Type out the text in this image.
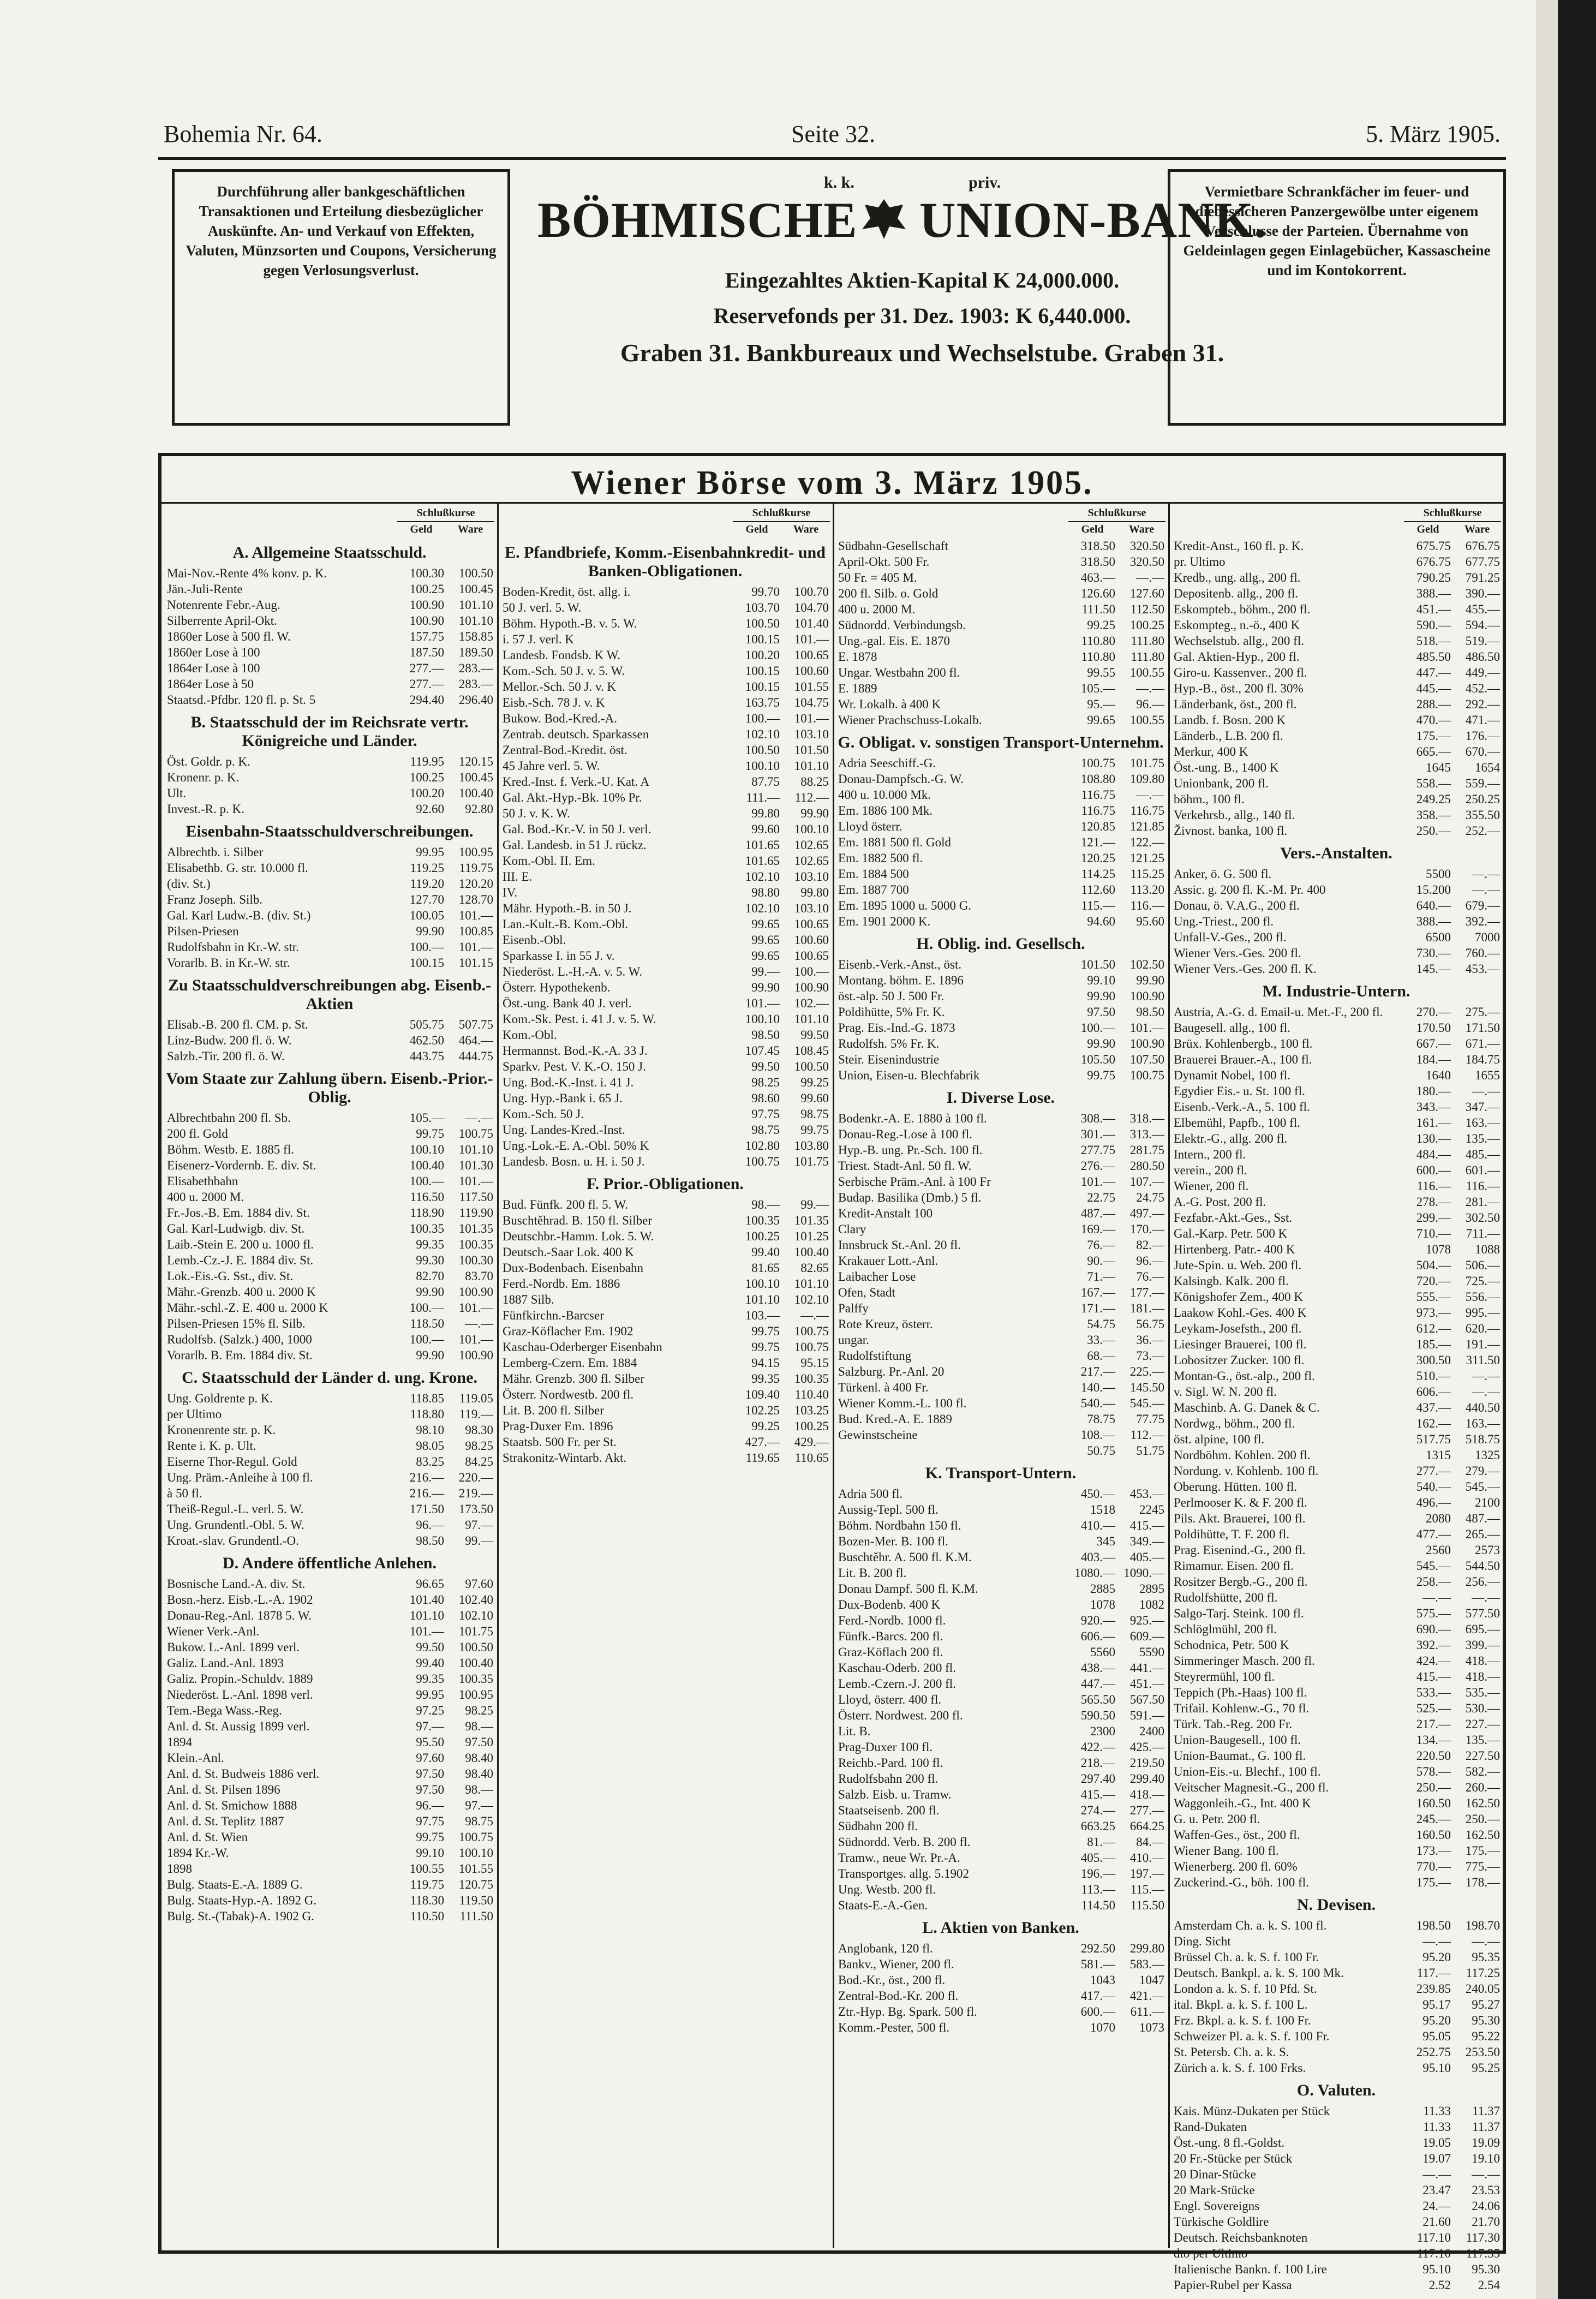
Bohemia Nr. 64.	Seite 32.	5. März 1905.
Durchführung aller bankgeschäftlichen Transaktionen und Erteilung diesbezüglicher Auskünfte. An- und Verkauf von Effekten, Valuten, Münzsorten und Coupons, Versicherung gegen Verlosungsverlust.
k. k.	priv.
BÖHMISCHE UNION-BANK.
Eingezahltes Aktien-Kapital K 24,000.000.
Reservefonds per 31. Dez. 1903: K 6,440.000.
Graben 31. Bankbureaux und Wechselstube. Graben 31.
Vermietbare Schrankfächer im feuer- und diebessicheren Panzergewölbe unter eigenem Verschlusse der Parteien. Übernahme von Geldeinlagen gegen Einlagebücher, Kassascheine und im Kontokorrent.
Wiener Börse vom 3. März 1905.
Schlußkurse
Geld	Ware
A. Allgemeine Staatsschuld.
Mai-Nov.-Rente 4% konv. p. K.	100.30	100.50
Jän.-Juli-Rente	100.25	100.45
Notenrente Febr.-Aug.	100.90	101.10
Silberrente April-Okt.	100.90	101.10
1860er Lose à 500 fl. W.	157.75	158.85
1860er Lose à 100	187.50	189.50
1864er Lose à 100	277.—	283.—
1864er Lose à 50	277.—	283.—
Staatsd.-Pfdbr. 120 fl. p. St. 5	294.40	296.40
B. Staatsschuld der im Reichsrate vertr. Königreiche und Länder.
Öst. Goldr. p. K.	119.95	120.15
Kronenr. p. K.	100.25	100.45
Ult.	100.20	100.40
Invest.-R. p. K.	92.60	92.80
Eisenbahn-Staatsschuldverschreibungen.
Albrechtb. i. Silber	99.95	100.95
Elisabethb. G. str. 10.000 fl.	119.25	119.75
(div. St.)	119.20	120.20
Franz Joseph. Silb.	127.70	128.70
Gal. Karl Ludw.-B. (div. St.)	100.05	101.—
Pilsen-Priesen	99.90	100.85
Rudolfsbahn in Kr.-W. str.	100.—	101.—
Vorarlb. B. in Kr.-W. str.	100.15	101.15
Zu Staatsschuldverschreibungen abg. Eisenb.-Aktien
Elisab.-B. 200 fl. CM. p. St.	505.75	507.75
Linz-Budw. 200 fl. ö. W.	462.50	464.—
Salzb.-Tir. 200 fl. ö. W.	443.75	444.75
Vom Staate zur Zahlung übern. Eisenb.-Prior.-Oblig.
Albrechtbahn 200 fl. Sb.	105.—	—.—
200 fl. Gold	99.75	100.75
Böhm. Westb. E. 1885 fl.	100.10	101.10
Eisenerz-Vordernb. E. div. St.	100.40	101.30
Elisabethbahn	100.—	101.—
400 u. 2000 M.	116.50	117.50
Fr.-Jos.-B. Em. 1884 div. St.	118.90	119.90
Gal. Karl-Ludwigb. div. St.	100.35	101.35
Laib.-Stein E. 200 u. 1000 fl.	99.35	100.35
Lemb.-Cz.-J. E. 1884 div. St.	99.30	100.30
Lok.-Eis.-G. Sst., div. St.	82.70	83.70
Mähr.-Grenzb. 400 u. 2000 K	99.90	100.90
Mähr.-schl.-Z. E. 400 u. 2000 K	100.—	101.—
Pilsen-Priesen 15% fl. Silb.	118.50	—.—
Rudolfsb. (Salzk.) 400, 1000	100.—	101.—
Vorarlb. B. Em. 1884 div. St.	99.90	100.90
C. Staatsschuld der Länder d. ung. Krone.
Ung. Goldrente p. K.	118.85	119.05
per Ultimo	118.80	119.—
Kronenrente str. p. K.	98.10	98.30
Rente i. K. p. Ult.	98.05	98.25
Eiserne Thor-Regul. Gold	83.25	84.25
Ung. Präm.-Anleihe à 100 fl.	216.—	220.—
à 50 fl.	216.—	219.—
Theiß-Regul.-L. verl. 5. W.	171.50	173.50
Ung. Grundentl.-Obl. 5. W.	96.—	97.—
Kroat.-slav. Grundentl.-O.	98.50	99.—
D. Andere öffentliche Anlehen.
Bosnische Land.-A. div. St.	96.65	97.60
Bosn.-herz. Eisb.-L.-A. 1902	101.40	102.40
Donau-Reg.-Anl. 1878 5. W.	101.10	102.10
Wiener Verk.-Anl.	101.—	101.75
Bukow. L.-Anl. 1899 verl.	99.50	100.50
Galiz. Land.-Anl. 1893	99.40	100.40
Galiz. Propin.-Schuldv. 1889	99.35	100.35
Niederöst. L.-Anl. 1898 verl.	99.95	100.95
Tem.-Bega Wass.-Reg.	97.25	98.25
Anl. d. St. Aussig 1899 verl.	97.—	98.—
1894	95.50	97.50
Klein.-Anl.	97.60	98.40
Anl. d. St. Budweis 1886 verl.	97.50	98.40
Anl. d. St. Pilsen 1896	97.50	98.—
Anl. d. St. Smichow 1888	96.—	97.—
Anl. d. St. Teplitz 1887	97.75	98.75
Anl. d. St. Wien	99.75	100.75
1894 Kr.-W.	99.10	100.10
1898	100.55	101.55
Bulg. Staats-E.-A. 1889 G.	119.75	120.75
Bulg. Staats-Hyp.-A. 1892 G.	118.30	119.50
Bulg. St.-(Tabak)-A. 1902 G.	110.50	111.50
Schlußkurse
Geld	Ware
E. Pfandbriefe, Komm.-Eisenbahnkredit- und Banken-Obligationen.
Boden-Kredit, öst. allg. i.	99.70	100.70
50 J. verl. 5. W.	103.70	104.70
Böhm. Hypoth.-B. v. 5. W.	100.50	101.40
i. 57 J. verl. K	100.15	101.—
Landesb. Fondsb. K W.	100.20	100.65
Kom.-Sch. 50 J. v. 5. W.	100.15	100.60
Mellor.-Sch. 50 J. v. K	100.15	101.55
Eisb.-Sch. 78 J. v. K	163.75	104.75
Bukow. Bod.-Kred.-A.	100.—	101.—
Zentrab. deutsch. Sparkassen	102.10	103.10
Zentral-Bod.-Kredit. öst.	100.50	101.50
45 Jahre verl. 5. W.	100.10	101.10
Kred.-Inst. f. Verk.-U. Kat. A	87.75	88.25
Gal. Akt.-Hyp.-Bk. 10% Pr.	111.—	112.—
50 J. v. K. W.	99.80	99.90
Gal. Bod.-Kr.-V. in 50 J. verl.	99.60	100.10
Gal. Landesb. in 51 J. rückz.	101.65	102.65
Kom.-Obl. II. Em.	101.65	102.65
III. E.	102.10	103.10
IV.	98.80	99.80
Mähr. Hypoth.-B. in 50 J.	102.10	103.10
Lan.-Kult.-B. Kom.-Obl.	99.65	100.65
Eisenb.-Obl.	99.65	100.60
Sparkasse I. in 55 J. v.	99.65	100.65
Niederöst. L.-H.-A. v. 5. W.	99.—	100.—
Österr. Hypothekenb.	99.90	100.90
Öst.-ung. Bank 40 J. verl.	101.—	102.—
Kom.-Sk. Pest. i. 41 J. v. 5. W.	100.10	101.10
Kom.-Obl.	98.50	99.50
Hermannst. Bod.-K.-A. 33 J.	107.45	108.45
Sparkv. Pest. V. K.-O. 150 J.	99.50	100.50
Ung. Bod.-K.-Inst. i. 41 J.	98.25	99.25
Ung. Hyp.-Bank i. 65 J.	98.60	99.60
Kom.-Sch. 50 J.	97.75	98.75
Ung. Landes-Kred.-Inst.	98.75	99.75
Ung.-Lok.-E. A.-Obl. 50% K	102.80	103.80
Landesb. Bosn. u. H. i. 50 J.	100.75	101.75
F. Prior.-Obligationen.
Bud. Fünfk. 200 fl. 5. W.	98.—	99.—
Buschtěhrad. B. 150 fl. Silber	100.35	101.35
Deutschbr.-Hamm. Lok. 5. W.	100.25	101.25
Deutsch.-Saar Lok. 400 K	99.40	100.40
Dux-Bodenbach. Eisenbahn	81.65	82.65
Ferd.-Nordb. Em. 1886	100.10	101.10
1887 Silb.	101.10	102.10
Fünfkirchn.-Barcser	103.—	—.—
Graz-Köflacher Em. 1902	99.75	100.75
Kaschau-Oderberger Eisenbahn	99.75	100.75
Lemberg-Czern. Em. 1884	94.15	95.15
Mähr. Grenzb. 300 fl. Silber	99.35	100.35
Österr. Nordwestb. 200 fl.	109.40	110.40
Lit. B. 200 fl. Silber	102.25	103.25
Prag-Duxer Em. 1896	99.25	100.25
Staatsb. 500 Fr. per St.	427.—	429.—
Strakonitz-Wintarb. Akt.	119.65	110.65
Schlußkurse
Geld	Ware
Südbahn-Gesellschaft	318.50	320.50
April-Okt. 500 Fr.	318.50	320.50
50 Fr. = 405 M.	463.—	—.—
200 fl. Silb. o. Gold	126.60	127.60
400 u. 2000 M.	111.50	112.50
Südnordd. Verbindungsb.	99.25	100.25
Ung.-gal. Eis. E. 1870	110.80	111.80
E. 1878	110.80	111.80
Ungar. Westbahn 200 fl.	99.55	100.55
E. 1889	105.—	—.—
Wr. Lokalb. à 400 K	95.—	96.—
Wiener Prachschuss-Lokalb.	99.65	100.55
G. Obligat. v. sonstigen Transport-Unternehm.
Adria Seeschiff.-G.	100.75	101.75
Donau-Dampfsch.-G. W.	108.80	109.80
400 u. 10.000 Mk.	116.75	—.—
Em. 1886 100 Mk.	116.75	116.75
Lloyd österr.	120.85	121.85
Em. 1881 500 fl. Gold	121.—	122.—
Em. 1882 500 fl.	120.25	121.25
Em. 1884 500	114.25	115.25
Em. 1887 700	112.60	113.20
Em. 1895 1000 u. 5000 G.	115.—	116.—
Em. 1901 2000 K.	94.60	95.60
H. Oblig. ind. Gesellsch.
Eisenb.-Verk.-Anst., öst.	101.50	102.50
Montang. böhm. E. 1896	99.10	99.90
öst.-alp. 50 J. 500 Fr.	99.90	100.90
Poldihütte, 5% Fr. K.	97.50	98.50
Prag. Eis.-Ind.-G. 1873	100.—	101.—
Rudolfsh. 5% Fr. K.	99.90	100.90
Steir. Eisenindustrie	105.50	107.50
Union, Eisen-u. Blechfabrik	99.75	100.75
I. Diverse Lose.
Bodenkr.-A. E. 1880 à 100 fl.	308.—	318.—
Donau-Reg.-Lose à 100 fl.	301.—	313.—
Hyp.-B. ung. Pr.-Sch. 100 fl.	277.75	281.75
Triest. Stadt-Anl. 50 fl. W.	276.—	280.50
Serbische Präm.-Anl. à 100 Fr	101.—	107.—
Budap. Basilika (Dmb.) 5 fl.	22.75	24.75
Kredit-Anstalt 100	487.—	497.—
Clary	169.—	170.—
Innsbruck St.-Anl. 20 fl.	76.—	82.—
Krakauer Lott.-Anl.	90.—	96.—
Laibacher Lose	71.—	76.—
Ofen, Stadt	167.—	177.—
Palffy	171.—	181.—
Rote Kreuz, österr.	54.75	56.75
ungar.	33.—	36.—
Rudolfstiftung	68.—	73.—
Salzburg. Pr.-Anl. 20	217.—	225.—
Türkenl. à 400 Fr.	140.—	145.50
Wiener Komm.-L. 100 fl.	540.—	545.—
Bud. Kred.-A. E. 1889	78.75	77.75
Gewinstscheine	108.—	112.—
50.75	51.75
K. Transport-Untern.
Adria 500 fl.	450.—	453.—
Aussig-Tepl. 500 fl.	1518	2245
Böhm. Nordbahn 150 fl.	410.—	415.—
Bozen-Mer. B. 100 fl.	345	349.—
Buschtěhr. A. 500 fl. K.M.	403.—	405.—
Lit. B. 200 fl.	1080.— 1090.—
Donau Dampf. 500 fl. K.M.	2885	2895
Dux-Bodenb. 400 K	1078	1082
Ferd.-Nordb. 1000 fl.	920.—	925.—
Fünfk.-Barcs. 200 fl.	606.—	609.—
Graz-Köflach 200 fl.	5560	5590
Kaschau-Oderb. 200 fl.	438.—	441.—
Lemb.-Czern.-J. 200 fl.	447.—	451.—
Lloyd, österr. 400 fl.	565.50	567.50
Österr. Nordwest. 200 fl.	590.50	591.—
Lit. B.	2300	2400
Prag-Duxer 100 fl.	422.—	425.—
Reichb.-Pard. 100 fl.	218.—	219.50
Rudolfsbahn 200 fl.	297.40	299.40
Salzb. Eisb. u. Tramw.	415.—	418.—
Staatseisenb. 200 fl.	274.—	277.—
Südbahn 200 fl.	663.25	664.25
Südnordd. Verb. B. 200 fl.	81.—	84.—
Tramw., neue Wr. Pr.-A.	405.—	410.—
Transportges. allg. 5.1902	196.—	197.—
Ung. Westb. 200 fl.	113.—	115.—
Staats-E.-A.-Gen.	114.50	115.50
L. Aktien von Banken.
Anglobank, 120 fl.	292.50	299.80
Bankv., Wiener, 200 fl.	581.—	583.—
Bod.-Kr., öst., 200 fl.	1043	1047
Zentral-Bod.-Kr. 200 fl.	417.—	421.—
Ztr.-Hyp. Bg. Spark. 500 fl.	600.—	611.—
Komm.-Pester, 500 fl.	1070	1073
Schlußkurse
Geld	Ware
Kredit-Anst., 160 fl. p. K.	675.75	676.75
pr. Ultimo	676.75	677.75
Kredb., ung. allg., 200 fl.	790.25	791.25
Depositenb. allg., 200 fl.	388.—	390.—
Eskompteb., böhm., 200 fl.	451.—	455.—
Eskompteg., n.-ö., 400 K	590.—	594.—
Wechselstub. allg., 200 fl.	518.—	519.—
Gal. Aktien-Hyp., 200 fl.	485.50	486.50
Giro-u. Kassenver., 200 fl.	447.—	449.—
Hyp.-B., öst., 200 fl. 30%	445.—	452.—
Länderbank, öst., 200 fl.	288.—	292.—
Landb. f. Bosn. 200 K	470.—	471.—
Länderb., L.B. 200 fl.	175.—	176.—
Merkur, 400 K	665.—	670.—
Öst.-ung. B., 1400 K	1645	1654
Unionbank, 200 fl.	558.—	559.—
böhm., 100 fl.	249.25	250.25
Verkehrsb., allg., 140 fl.	358.—	355.50
Živnost. banka, 100 fl.	250.—	252.—
Vers.-Anstalten.
Anker, ö. G. 500 fl.	5500	—.—
Assic. g. 200 fl. K.-M. Pr. 400	15.200	—.—
Donau, ö. V.A.G., 200 fl.	640.—	679.—
Ung.-Triest., 200 fl.	388.—	392.—
Unfall-V.-Ges., 200 fl.	6500	7000
Wiener Vers.-Ges. 200 fl.	730.—	760.—
Wiener Vers.-Ges. 200 fl. K.	145.—	453.—
M. Industrie-Untern.
Austria, A.-G. d. Email-u. Met.-F., 200 fl.	270.—	275.—
Baugesell. allg., 100 fl.	170.50	171.50
Brüx. Kohlenbergb., 100 fl.	667.—	671.—
Brauerei Brauer.-A., 100 fl.	184.—	184.75
Dynamit Nobel, 100 fl.	1640	1655
Egydier Eis.- u. St. 100 fl.	180.—	—.—
Eisenb.-Verk.-A., 5. 100 fl.	343.—	347.—
Elbemühl, Papfb., 100 fl.	161.—	163.—
Elektr.-G., allg. 200 fl.	130.—	135.—
Intern., 200 fl.	484.—	485.—
verein., 200 fl.	600.—	601.—
Wiener, 200 fl.	116.—	116.—
A.-G. Post. 200 fl.	278.—	281.—
Fezfabr.-Akt.-Ges., Sst.	299.—	302.50
Gal.-Karp. Petr. 500 K	710.—	711.—
Hirtenberg. Patr.- 400 K	1078	1088
Jute-Spin. u. Web. 200 fl.	504.—	506.—
Kalsingb. Kalk. 200 fl.	720.—	725.—
Königshofer Zem., 400 K	555.—	556.—
Laakow Kohl.-Ges. 400 K	973.—	995.—
Leykam-Josefsth., 200 fl.	612.—	620.—
Liesinger Brauerei, 100 fl.	185.—	191.—
Lobositzer Zucker. 100 fl.	300.50	311.50
Montan-G., öst.-alp., 200 fl.	510.—	—.—
v. Sigl. W. N. 200 fl.	606.—	—.—
Maschinb. A. G. Danek & C.	437.—	440.50
Nordwg., böhm., 200 fl.	162.—	163.—
öst. alpine, 100 fl.	517.75	518.75
Nordböhm. Kohlen. 200 fl.	1315	1325
Nordung. v. Kohlenb. 100 fl.	277.—	279.—
Oberung. Hütten. 100 fl.	540.—	545.—
Perlmooser K. & F. 200 fl.	496.—	2100
Pils. Akt. Brauerei, 100 fl.	2080	487.—
Poldihütte, T. F. 200 fl.	477.—	265.—
Prag. Eisenind.-G., 200 fl.	2560	2573
Rimamur. Eisen. 200 fl.	545.—	544.50
Rositzer Bergb.-G., 200 fl.	258.—	256.—
Rudolfshütte, 200 fl.	—.—	—.—
Salgo-Tarj. Steink. 100 fl.	575.—	577.50
Schlöglmühl, 200 fl.	690.—	695.—
Schodnica, Petr. 500 K	392.—	399.—
Simmeringer Masch. 200 fl.	424.—	418.—
Steyrermühl, 100 fl.	415.—	418.—
Teppich (Ph.-Haas) 100 fl.	533.—	535.—
Trifail. Kohlenw.-G., 70 fl.	525.—	530.—
Türk. Tab.-Reg. 200 Fr.	217.—	227.—
Union-Baugesell., 100 fl.	134.—	135.—
Union-Baumat., G. 100 fl.	220.50	227.50
Union-Eis.-u. Blechf., 100 fl.	578.—	582.—
Veitscher Magnesit.-G., 200 fl.	250.—	260.—
Waggonleih.-G., Int. 400 K	160.50	162.50
G. u. Petr. 200 fl.	245.—	250.—
Waffen-Ges., öst., 200 fl.	160.50	162.50
Wiener Bang. 100 fl.	173.—	175.—
Wienerberg. 200 fl. 60%	770.—	775.—
Zuckerind.-G., böh. 100 fl.	175.—	178.—
N. Devisen.
Amsterdam Ch. a. k. S. 100 fl.	198.50	198.70
Ding. Sicht	—.—	—.—
Brüssel Ch. a. k. S. f. 100 Fr.	95.20	95.35
Deutsch. Bankpl. a. k. S. 100 Mk.	117.—	117.25
London a. k. S. f. 10 Pfd. St.	239.85	240.05
ital. Bkpl. a. k. S. f. 100 L.	95.17	95.27
Frz. Bkpl. a. k. S. f. 100 Fr.	95.20	95.30
Schweizer Pl. a. k. S. f. 100 Fr.	95.05	95.22
St. Petersb. Ch. a. k. S.	252.75	253.50
Zürich a. k. S. f. 100 Frks.	95.10	95.25
O. Valuten.
Kais. Münz-Dukaten per Stück	11.33	11.37
Rand-Dukaten	11.33	11.37
Öst.-ung. 8 fl.-Goldst.	19.05	19.09
20 Fr.-Stücke per Stück	19.07	19.10
20 Dinar-Stücke	—.—	—.—
20 Mark-Stücke	23.47	23.53
Engl. Sovereigns	24.—	24.06
Türkische Goldlire	21.60	21.70
Deutsch. Reichsbanknoten	117.10	117.30
dto per Ultimo	117.10	117.35
Italienische Bankn. f. 100 Lire	95.10	95.30
Papier-Rubel per Kassa	2.52	2.54
